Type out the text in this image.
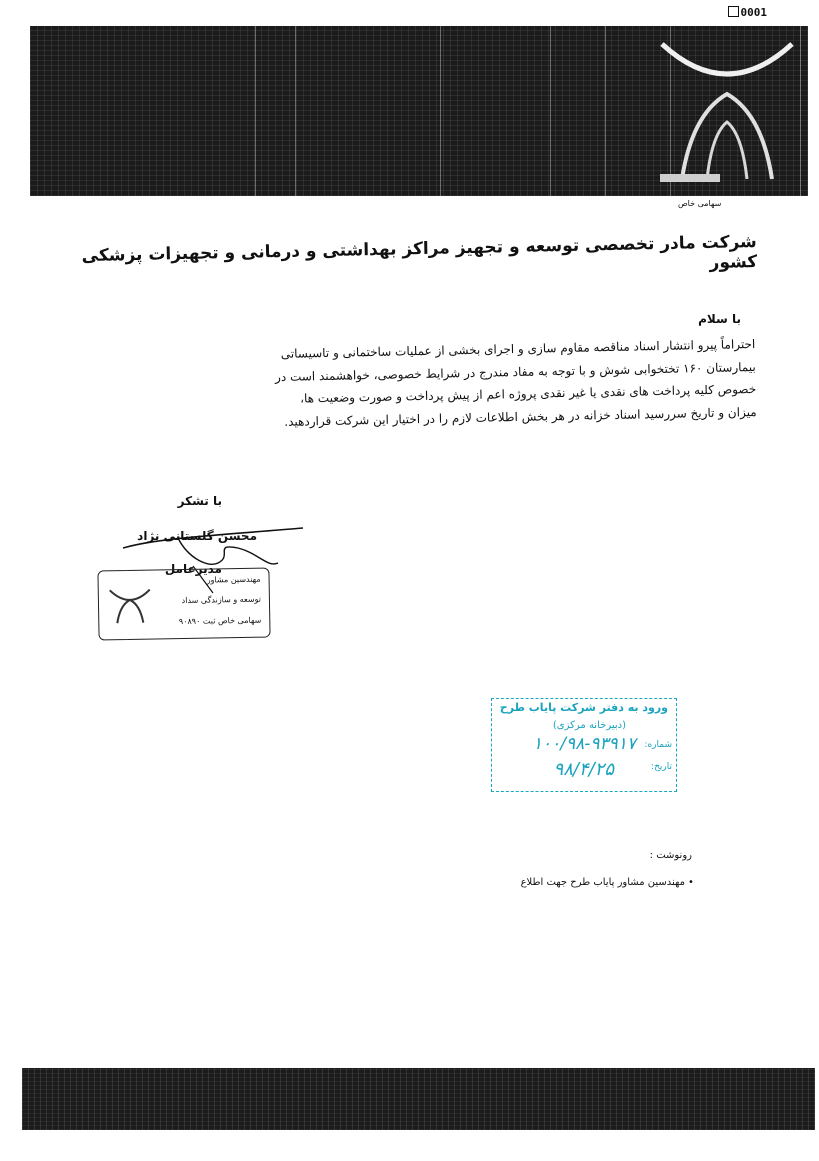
0001
سهامی خاص
شرکت مادر تخصصی توسعه و تجهیز مراکز بهداشتی و درمانی و تجهیزات پزشکی کشور
با سلام
احتراماً پیرو انتشار اسناد مناقصه مقاوم سازی و اجرای بخشی از عملیات ساختمانی و تاسیساتی
بیمارستان ۱۶۰ تختخوابی شوش و با توجه به مفاد مندرج در شرایط خصوصی، خواهشمند است در
خصوص کلیه پرداخت های نقدی یا غیر نقدی پروژه اعم از پیش پرداخت و صورت وضعیت ها،
میزان و تاریخ سررسید اسناد خزانه در هر بخش اطلاعات لازم را در اختیار این شرکت قراردهید.
با تشکر
محسن گلستانی نژاد
مدیرعامل
مهندسین مشاور
توسعه و سازندگی سداد
سهامی خاص ثبت ۹۰۸۹۰
ورود به دفتر شرکت پایاب طرح
(دبیرخانه مرکزی)
شماره:
تاریخ:
۱۰۰/۹۸-۹۳۹۱۷
۹۸/۴/۲۵
رونوشت :
مهندسین مشاور پایاب طرح جهت اطلاع •
